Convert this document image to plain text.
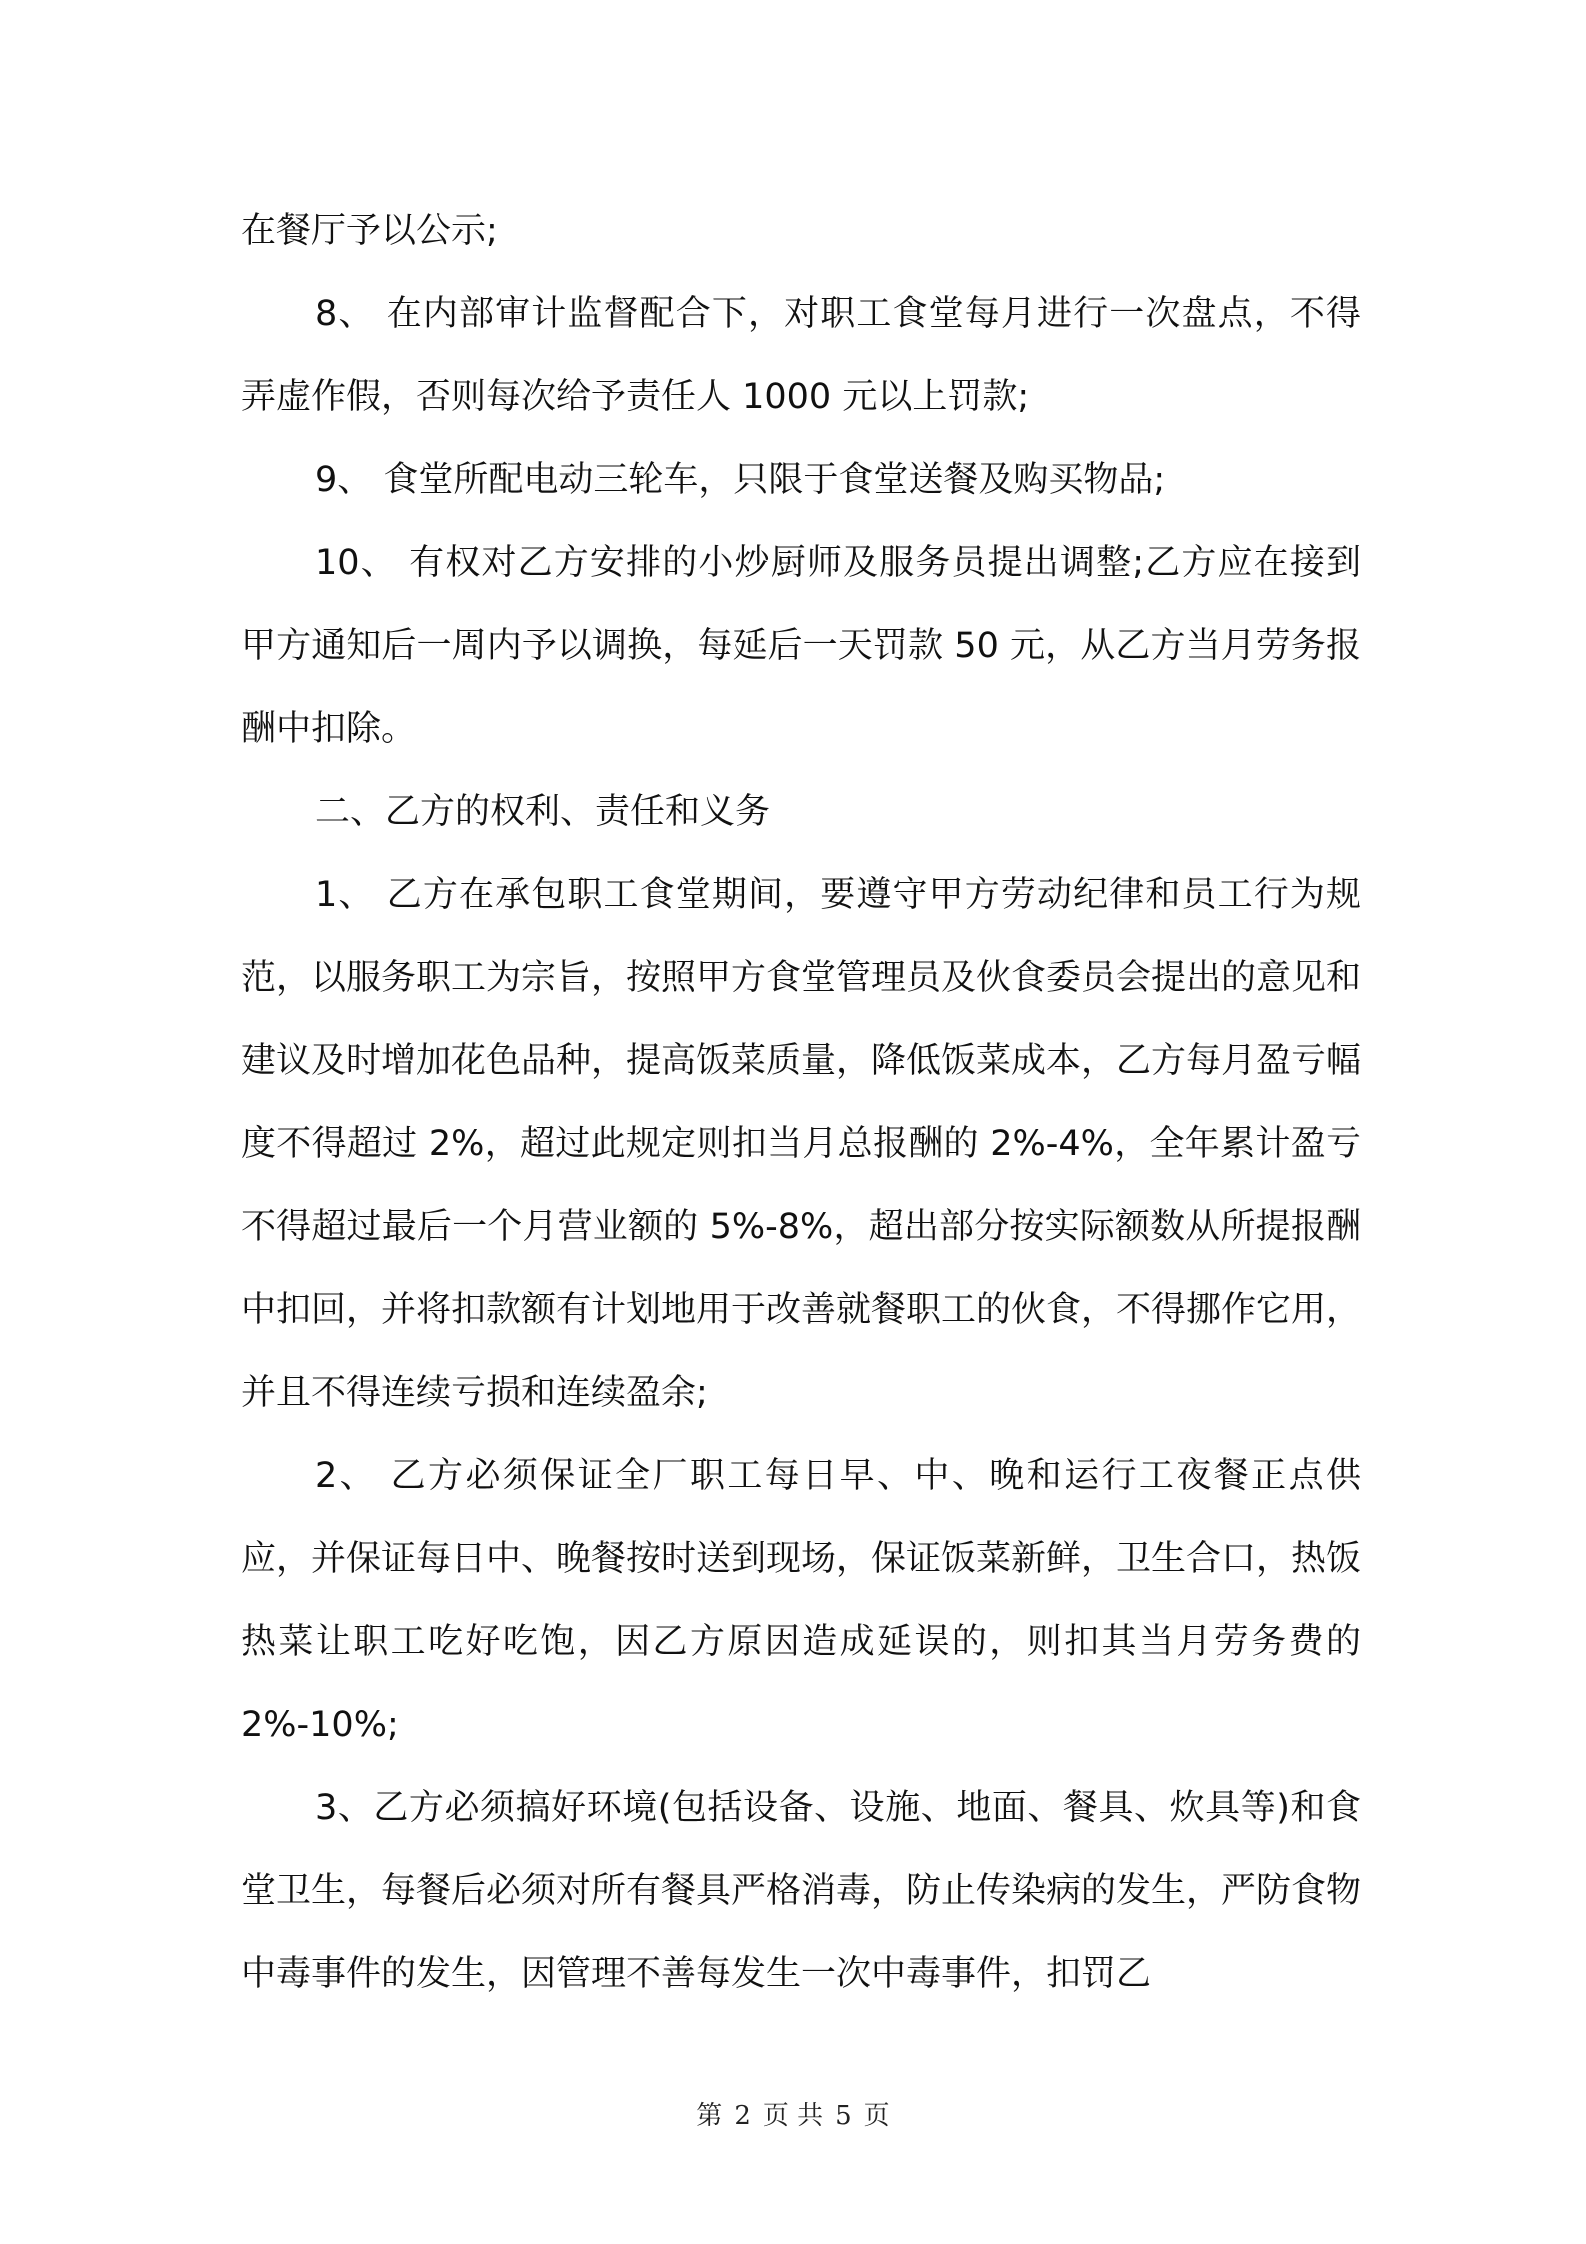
在餐厅予以公示;

8、 在内部审计监督配合下，对职工食堂每月进行一次盘点，不得弄虚作假，否则每次给予责任人 1000 元以上罚款;

9、 食堂所配电动三轮车，只限于食堂送餐及购买物品;

10、 有权对乙方安排的小炒厨师及服务员提出调整;乙方应在接到甲方通知后一周内予以调换，每延后一天罚款 50 元，从乙方当月劳务报酬中扣除。

二、乙方的权利、责任和义务

1、 乙方在承包职工食堂期间，要遵守甲方劳动纪律和员工行为规范，以服务职工为宗旨，按照甲方食堂管理员及伙食委员会提出的意见和建议及时增加花色品种，提高饭菜质量，降低饭菜成本，乙方每月盈亏幅度不得超过 2%，超过此规定则扣当月总报酬的 2%-4%，全年累计盈亏不得超过最后一个月营业额的 5%-8%，超出部分按实际额数从所提报酬中扣回，并将扣款额有计划地用于改善就餐职工的伙食，不得挪作它用，并且不得连续亏损和连续盈余;

2、 乙方必须保证全厂职工每日早、中、晚和运行工夜餐正点供应，并保证每日中、晚餐按时送到现场，保证饭菜新鲜，卫生合口，热饭热菜让职工吃好吃饱，因乙方原因造成延误的，则扣其当月劳务费的 2%-10%;

3、乙方必须搞好环境(包括设备、设施、地面、餐具、炊具等)和食堂卫生，每餐后必须对所有餐具严格消毒，防止传染病的发生，严防食物中毒事件的发生，因管理不善每发生一次中毒事件，扣罚乙

第 2 页 共 5 页
